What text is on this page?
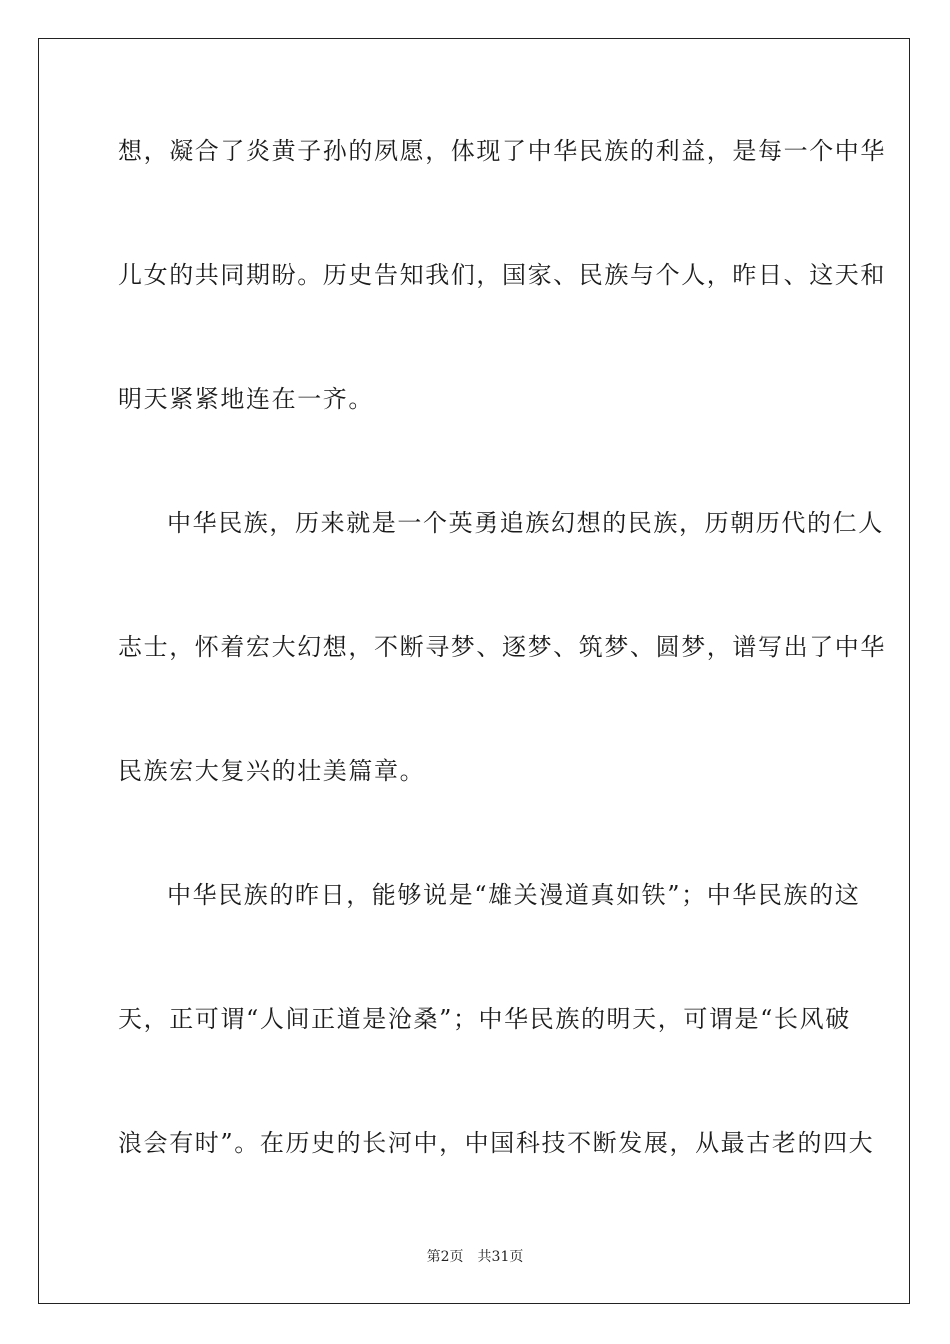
想，凝合了炎黄子孙的夙愿，体现了中华民族的利益，是每一个中华
儿女的共同期盼。历史告知我们，国家、民族与个人，昨日、这天和
明天紧紧地连在一齐。
中华民族，历来就是一个英勇追族幻想的民族，历朝历代的仁人
志士，怀着宏大幻想，不断寻梦、逐梦、筑梦、圆梦，谱写出了中华
民族宏大复兴的壮美篇章。
中华民族的昨日，能够说是“雄关漫道真如铁”；中华民族的这
天，正可谓“人间正道是沧桑”；中华民族的明天，可谓是“长风破
浪会有时”。在历史的长河中，中国科技不断发展，从最古老的四大
第2页　共31页
